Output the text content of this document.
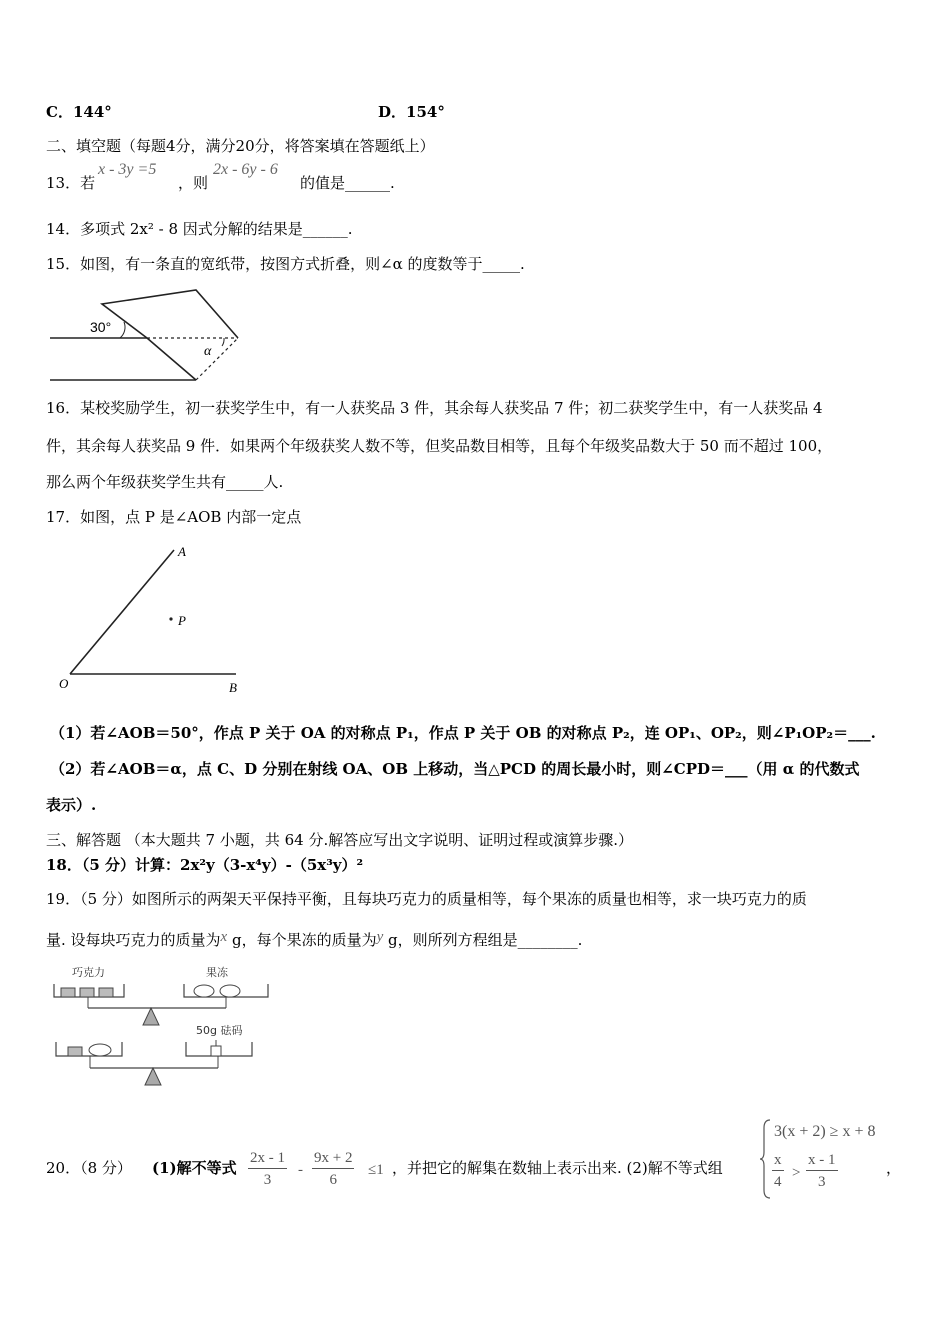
C．144°	D．154°
二、填空题（每题4分，满分20分，将答案填在答题纸上）
13．若
x - 3y =5
，则
2x - 6y - 6
的值是______.
14．多项式 2x² - 8 因式分解的结果是______.
15．如图，有一条直的宽纸带，按图方式折叠，则∠α 的度数等于_____.
30°
α
16．某校奖励学生，初一获奖学生中，有一人获奖品 3 件，其余每人获奖品 7 件；初二获奖学生中，有一人获奖品 4
件，其余每人获奖品 9 件．如果两个年级获奖人数不等，但奖品数目相等，且每个年级奖品数大于 50 而不超过 100，
那么两个年级获奖学生共有_____人.
17．如图，点 P 是∠AOB 内部一定点
A
P
O	B
（1）若∠AOB＝50°，作点 P 关于 OA 的对称点 P₁，作点 P 关于 OB 的对称点 P₂，连 OP₁、OP₂，则∠P₁OP₂＝___.
（2）若∠AOB＝α，点 C、D 分别在射线 OA、OB 上移动，当△PCD 的周长最小时，则∠CPD＝___（用 α 的代数式
表示）.
三、解答题 （本大题共 7 小题，共 64 分.解答应写出文字说明、证明过程或演算步骤.）
18．（5 分）计算：2x²y（3-x⁴y）-（5x³y）²
19．（5 分）如图所示的两架天平保持平衡，且每块巧克力的质量相等，每个果冻的质量也相等，求一块巧克力的质
量. 设每块巧克力的质量为x g，每个果冻的质量为y g，则所列方程组是________.
巧克力	果冻
50g 砝码
20．（8 分） (1)解不等式 $\frac{2x - 1}{3} - \frac{9x + 2}{6} \le 1$ ，并把它的解集在数轴上表示出来. (2)解不等式组
3(x + 2) ≥ x + 8
$\frac{x}{4} > \frac{x - 1}{3}$	，
